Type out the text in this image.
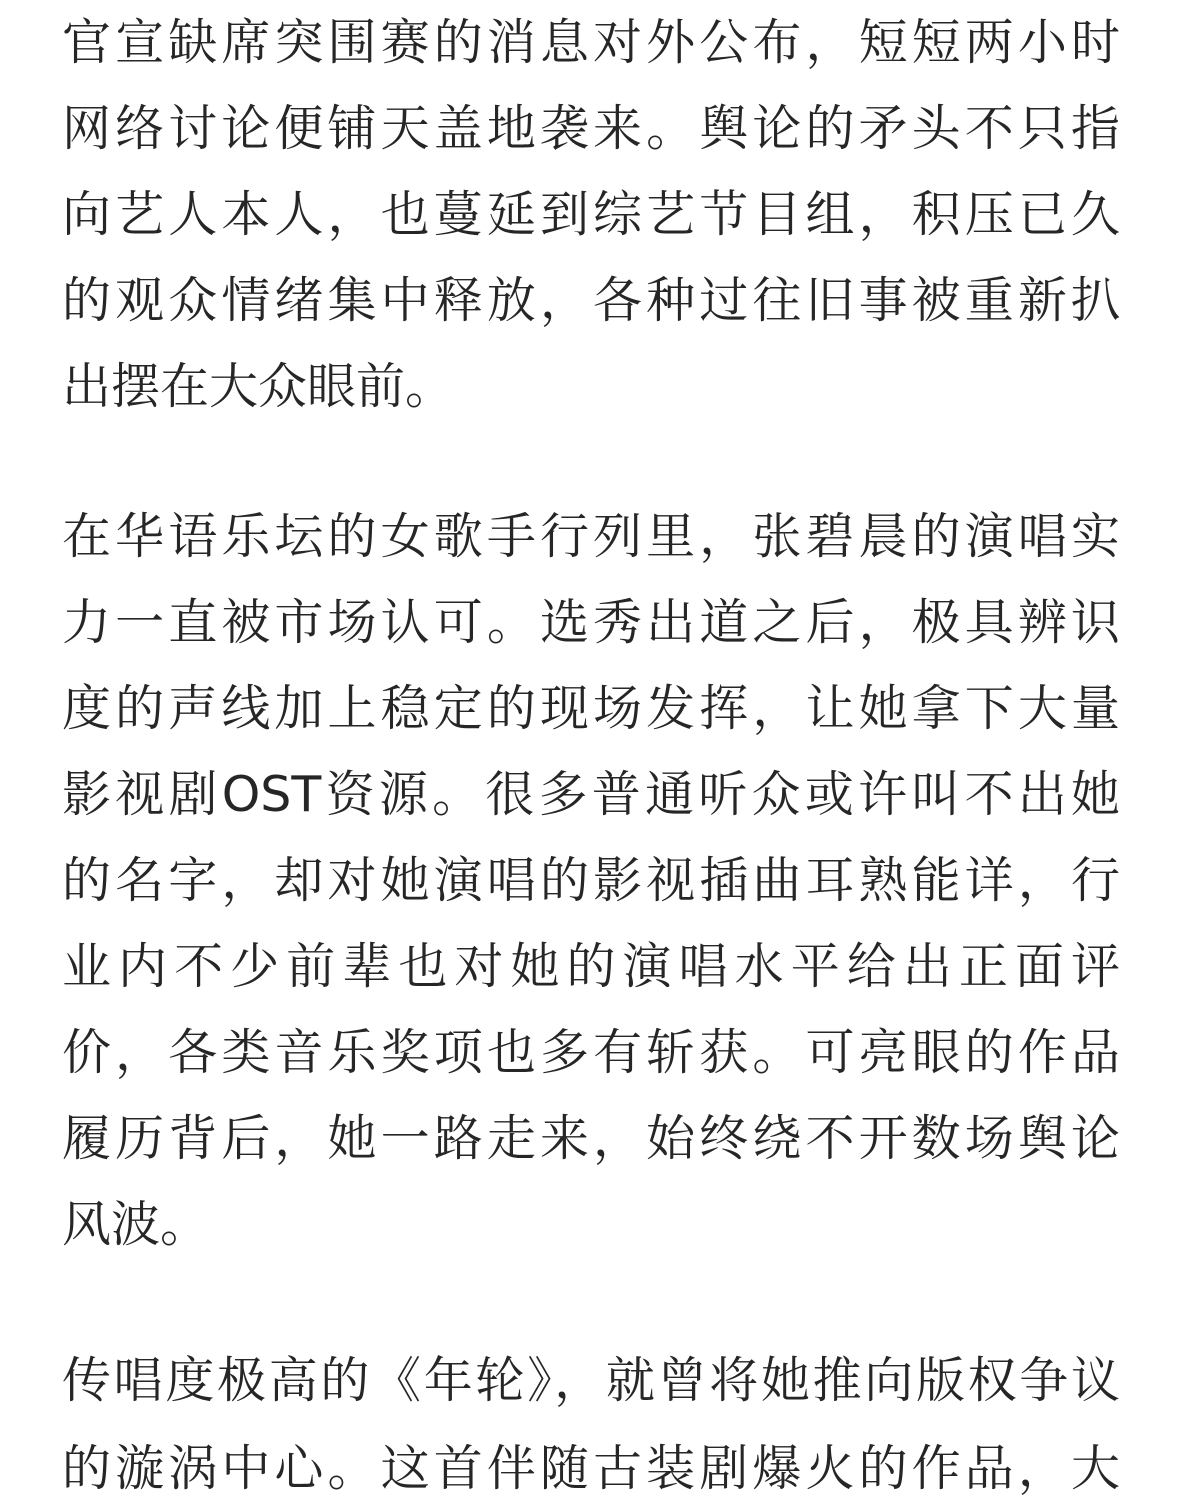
官宣缺席突围赛的消息对外公布，短短两小时
网络讨论便铺天盖地袭来。舆论的矛头不只指
向艺人本人，也蔓延到综艺节目组，积压已久
的观众情绪集中释放，各种过往旧事被重新扒
出摆在大众眼前。
在华语乐坛的女歌手行列里，张碧晨的演唱实
力一直被市场认可。选秀出道之后，极具辨识
度的声线加上稳定的现场发挥，让她拿下大量
影视剧OST资源。很多普通听众或许叫不出她
的名字，却对她演唱的影视插曲耳熟能详，行
业内不少前辈也对她的演唱水平给出正面评
价，各类音乐奖项也多有斩获。可亮眼的作品
履历背后，她一路走来，始终绕不开数场舆论
风波。
传唱度极高的《年轮》，就曾将她推向版权争议
的漩涡中心。这首伴随古装剧爆火的作品，大
